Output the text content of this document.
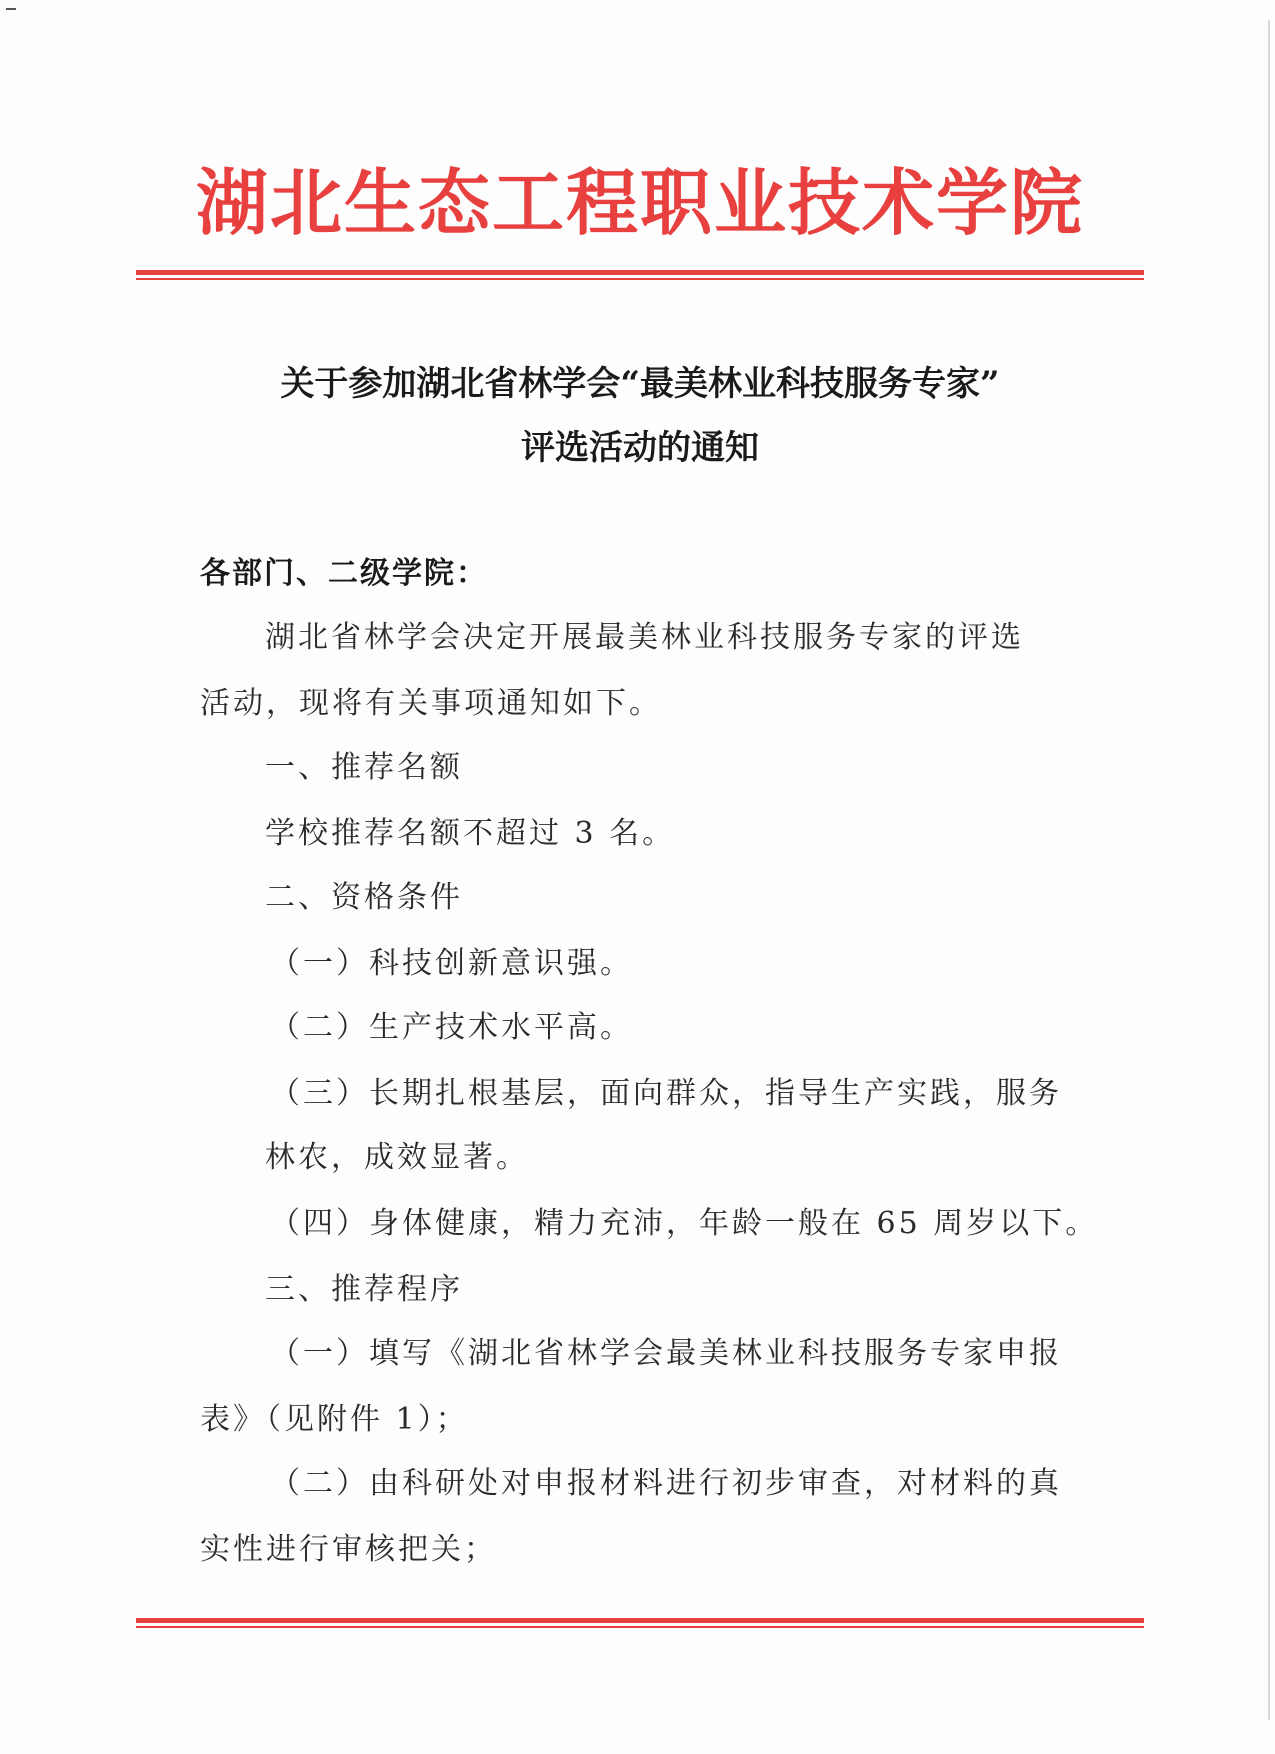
湖北生态工程职业技术学院
关于参加湖北省林学会“最美林业科技服务专家”
评选活动的通知
各部门、二级学院：
湖北省林学会决定开展最美林业科技服务专家的评选
活动，现将有关事项通知如下。
一、推荐名额
学校推荐名额不超过 3 名。
二、资格条件
（一）科技创新意识强。
（二）生产技术水平高。
（三）长期扎根基层，面向群众，指导生产实践，服务
林农，成效显著。
（四）身体健康，精力充沛，年龄一般在 65 周岁以下。
三、推荐程序
（一）填写《湖北省林学会最美林业科技服务专家申报
表》（见附件 1）；
（二）由科研处对申报材料进行初步审查，对材料的真
实性进行审核把关；
